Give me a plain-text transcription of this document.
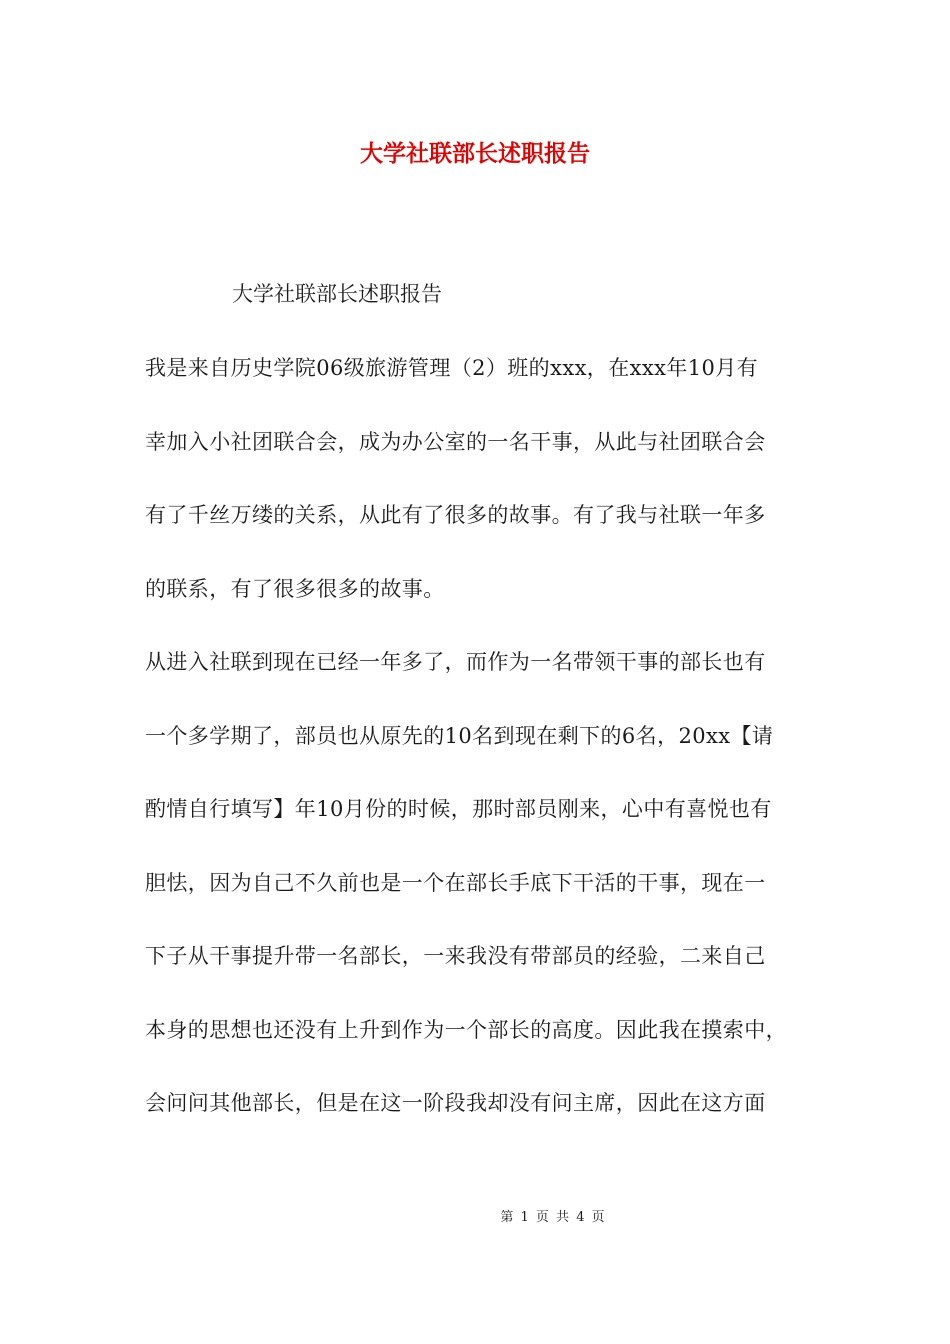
大学社联部长述职报告
大学社联部长述职报告
我是来自历史学院06级旅游管理（2）班的xxx，在xxx年10月有
幸加入小社团联合会，成为办公室的一名干事，从此与社团联合会
有了千丝万缕的关系，从此有了很多的故事。有了我与社联一年多
的联系，有了很多很多的故事。
从进入社联到现在已经一年多了，而作为一名带领干事的部长也有
一个多学期了，部员也从原先的10名到现在剩下的6名，20xx【请
酌情自行填写】年10月份的时候，那时部员刚来，心中有喜悦也有
胆怯，因为自己不久前也是一个在部长手底下干活的干事，现在一
下子从干事提升带一名部长，一来我没有带部员的经验，二来自己
本身的思想也还没有上升到作为一个部长的高度。因此我在摸索中，
会问问其他部长，但是在这一阶段我却没有问主席，因此在这方面
第 1 页 共 4 页
